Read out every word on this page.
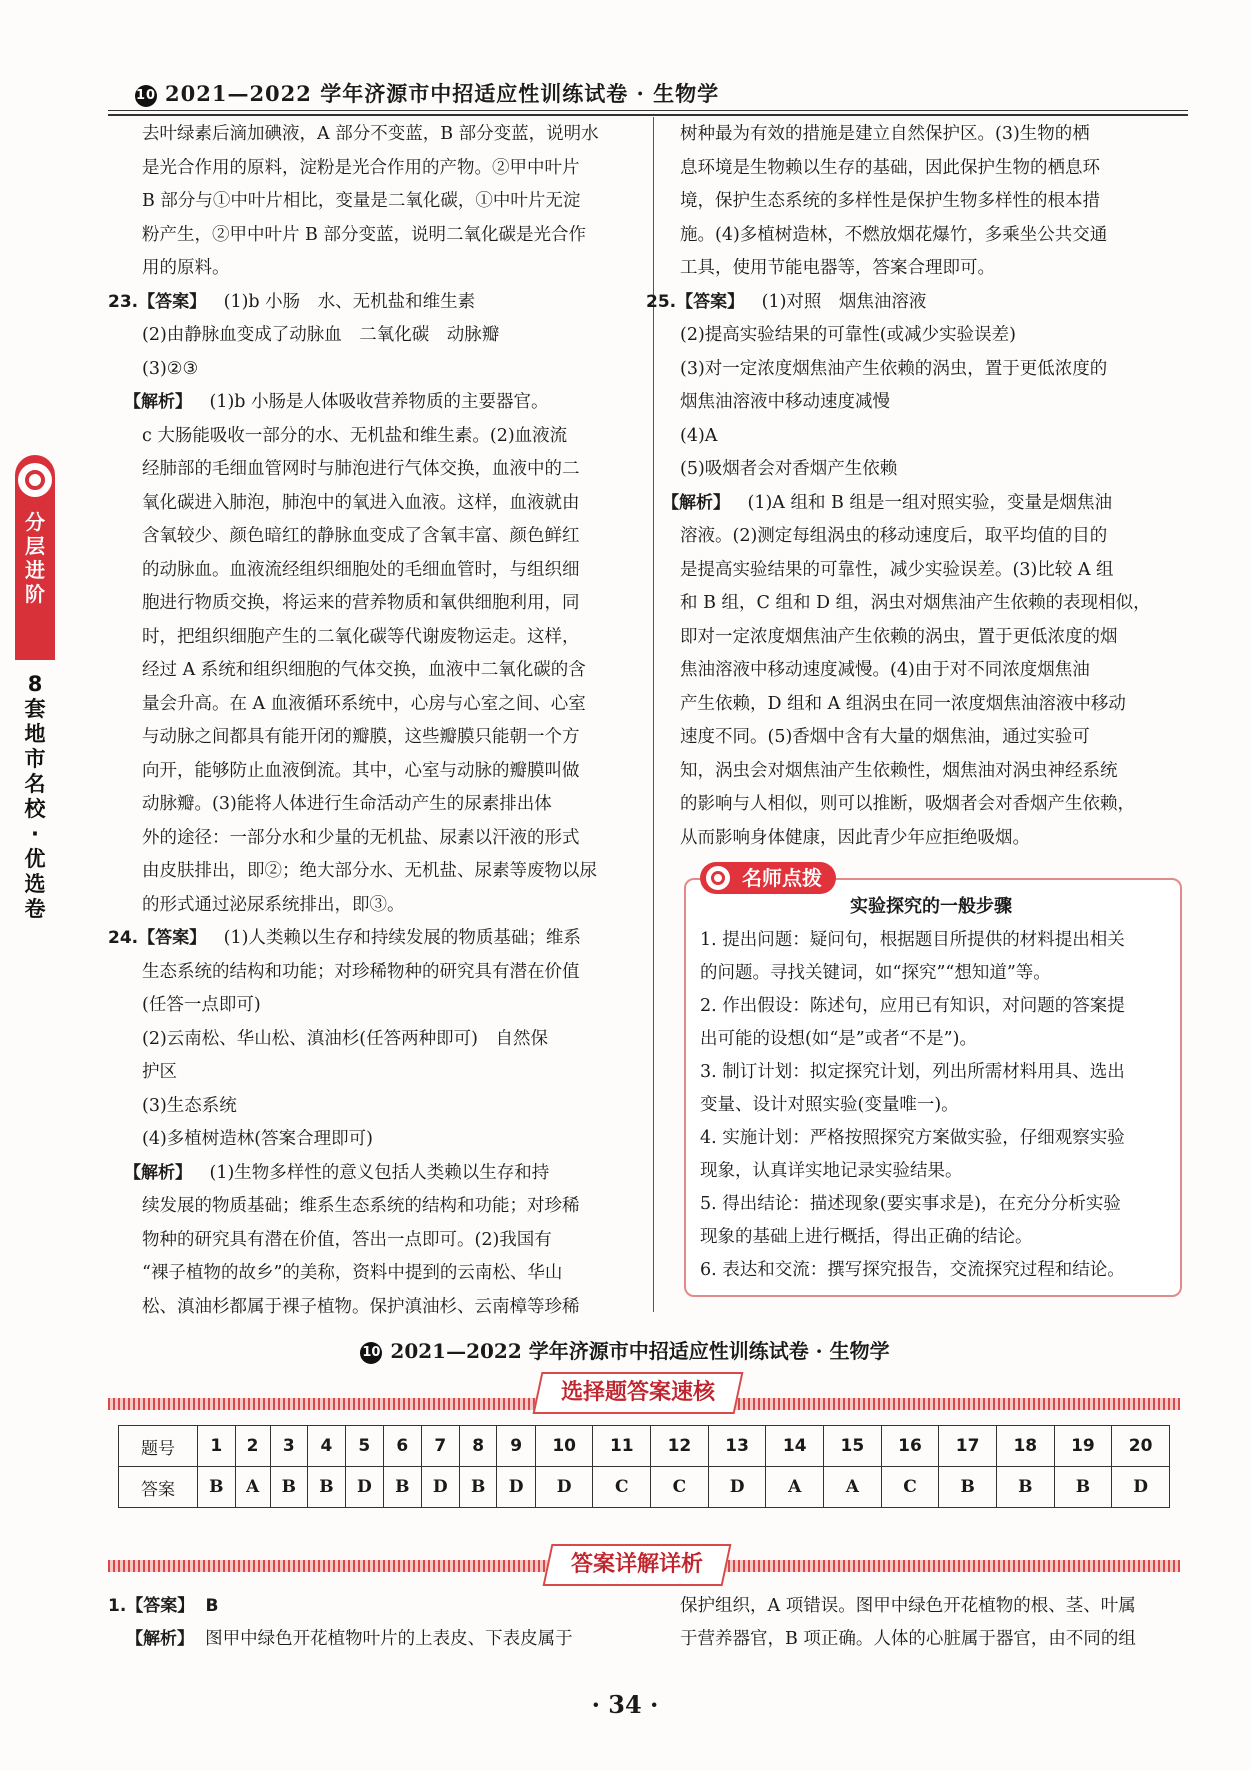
10 2021—2022 学年济源市中招适应性训练试卷 · 生物学
分
层
进
阶
8
套
地
市
名
校
·
优
选
卷

去叶绿素后滴加碘液，A 部分不变蓝，B 部分变蓝，说明水

是光合作用的原料，淀粉是光合作用的产物。②甲中叶片

B 部分与①中叶片相比，变量是二氧化碳，①中叶片无淀

粉产生，②甲中叶片 B 部分变蓝，说明二氧化碳是光合作

用的原料。

23.【答案】 (1)b 小肠　水、无机盐和维生素

(2)由静脉血变成了动脉血　二氧化碳　动脉瓣

(3)②③

【解析】 (1)b 小肠是人体吸收营养物质的主要器官。

c 大肠能吸收一部分的水、无机盐和维生素。(2)血液流

经肺部的毛细血管网时与肺泡进行气体交换，血液中的二

氧化碳进入肺泡，肺泡中的氧进入血液。这样，血液就由

含氧较少、颜色暗红的静脉血变成了含氧丰富、颜色鲜红

的动脉血。血液流经组织细胞处的毛细血管时，与组织细

胞进行物质交换，将运来的营养物质和氧供细胞利用，同

时，把组织细胞产生的二氧化碳等代谢废物运走。这样，

经过 A 系统和组织细胞的气体交换，血液中二氧化碳的含

量会升高。在 A 血液循环系统中，心房与心室之间、心室

与动脉之间都具有能开闭的瓣膜，这些瓣膜只能朝一个方

向开，能够防止血液倒流。其中，心室与动脉的瓣膜叫做

动脉瓣。(3)能将人体进行生命活动产生的尿素排出体

外的途径：一部分水和少量的无机盐、尿素以汗液的形式

由皮肤排出，即②；绝大部分水、无机盐、尿素等废物以尿

的形式通过泌尿系统排出，即③。

24.【答案】 (1)人类赖以生存和持续发展的物质基础；维系

生态系统的结构和功能；对珍稀物种的研究具有潜在价值

(任答一点即可)

(2)云南松、华山松、滇油杉(任答两种即可)　自然保

护区

(3)生态系统

(4)多植树造林(答案合理即可)

【解析】 (1)生物多样性的意义包括人类赖以生存和持

续发展的物质基础；维系生态系统的结构和功能；对珍稀

物种的研究具有潜在价值，答出一点即可。(2)我国有

“裸子植物的故乡”的美称，资料中提到的云南松、华山

松、滇油杉都属于裸子植物。保护滇油杉、云南樟等珍稀

树种最为有效的措施是建立自然保护区。(3)生物的栖

息环境是生物赖以生存的基础，因此保护生物的栖息环

境，保护生态系统的多样性是保护生物多样性的根本措

施。(4)多植树造林，不燃放烟花爆竹，多乘坐公共交通

工具，使用节能电器等，答案合理即可。

25.【答案】 (1)对照　烟焦油溶液

(2)提高实验结果的可靠性(或减少实验误差)

(3)对一定浓度烟焦油产生依赖的涡虫，置于更低浓度的

烟焦油溶液中移动速度减慢

(4)A

(5)吸烟者会对香烟产生依赖

【解析】 (1)A 组和 B 组是一组对照实验，变量是烟焦油

溶液。(2)测定每组涡虫的移动速度后，取平均值的目的

是提高实验结果的可靠性，减少实验误差。(3)比较 A 组

和 B 组，C 组和 D 组，涡虫对烟焦油产生依赖的表现相似，

即对一定浓度烟焦油产生依赖的涡虫，置于更低浓度的烟

焦油溶液中移动速度减慢。(4)由于对不同浓度烟焦油

产生依赖，D 组和 A 组涡虫在同一浓度烟焦油溶液中移动

速度不同。(5)香烟中含有大量的烟焦油，通过实验可

知，涡虫会对烟焦油产生依赖性，烟焦油对涡虫神经系统

的影响与人相似，则可以推断，吸烟者会对香烟产生依赖，

从而影响身体健康，因此青少年应拒绝吸烟。

名师点拨
实验探究的一般步骤

1. 提出问题：疑问句，根据题目所提供的材料提出相关

的问题。寻找关键词，如“探究”“想知道”等。

2. 作出假设：陈述句，应用已有知识，对问题的答案提

出可能的设想(如“是”或者“不是”)。

3. 制订计划：拟定探究计划，列出所需材料用具、选出

变量、设计对照实验(变量唯一)。

4. 实施计划：严格按照探究方案做实验，仔细观察实验

现象，认真详实地记录实验结果。

5. 得出结论：描述现象(要实事求是)，在充分分析实验

现象的基础上进行概括，得出正确的结论。

6. 表达和交流：撰写探究报告，交流探究过程和结论。

10 2021—2022 学年济源市中招适应性训练试卷 · 生物学
选择题答案速核
题号	1	2	3	4	5	6	7	8	9	10	11	12	13	14	15	16	17	18	19	20
答案	B	A	B	B	D	B	D	B	D	D	C	C	D	A	A	C	B	B	B	D
答案详解详析

1.【答案】 B

【解析】 图甲中绿色开花植物叶片的上表皮、下表皮属于

保护组织，A 项错误。图甲中绿色开花植物的根、茎、叶属

于营养器官，B 项正确。人体的心脏属于器官，由不同的组

· 34 ·
